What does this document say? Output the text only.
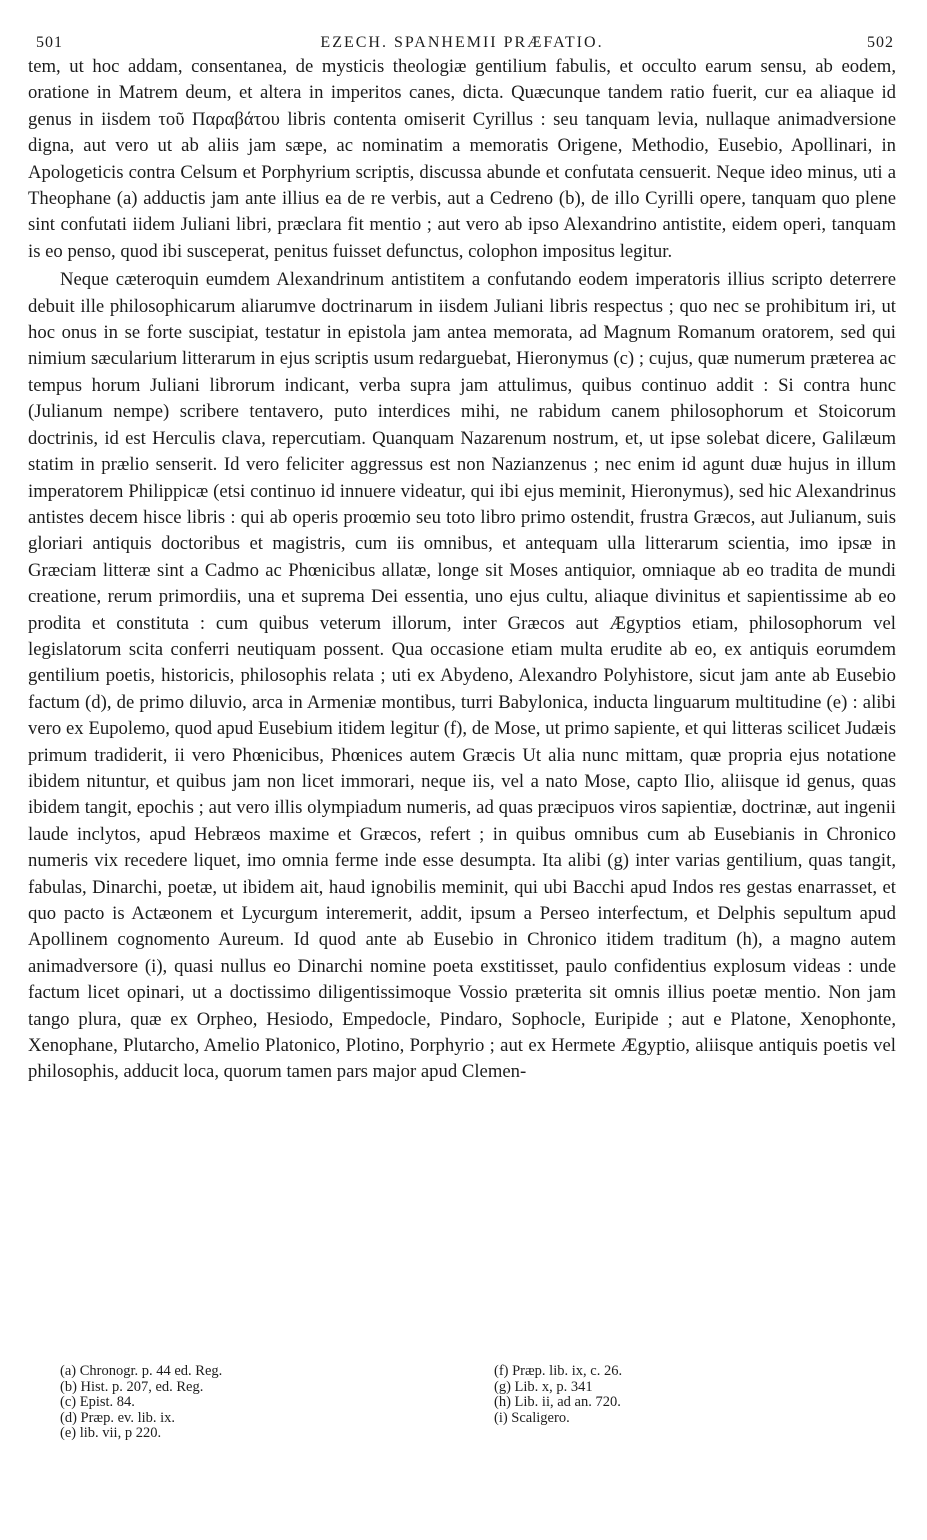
501	EZECH. SPANHEMII PRÆFATIO.	502

tem, ut hoc addam, consentanea, de mysticis theologiæ gentilium fabulis, et occulto earum sensu, ab eodem, oratione in Matrem deum, et altera in imperitos canes, dicta. Quæcunque tandem ratio fuerit, cur ea aliaque id genus in iisdem τοῦ Παραβάτου libris contenta omiserit Cyrillus : seu tanquam levia, nullaque animadversione digna, aut vero ut ab aliis jam sæpe, ac nominatim a memoratis Origene, Methodio, Eusebio, Apollinari, in Apologeticis contra Celsum et Porphyrium scriptis, discussa abunde et confutata censuerit. Neque ideo minus, uti a Theophane (a) adductis jam ante illius ea de re verbis, aut a Cedreno (b), de illo Cyrilli opere, tanquam quo plene sint confutati iidem Juliani libri, præclara fit mentio ; aut vero ab ipso Alexandrino antistite, eidem operi, tanquam is eo penso, quod ibi susceperat, penitus fuisset defunctus, colophon impositus legitur.

Neque cæteroquin eumdem Alexandrinum antistitem a confutando eodem imperatoris illius scripto deterrere debuit ille philosophicarum aliarumve doctrinarum in iisdem Juliani libris respectus ; quo nec se prohibitum iri, ut hoc onus in se forte suscipiat, testatur in epistola jam antea memorata, ad Magnum Romanum oratorem, sed qui nimium sæcularium litterarum in ejus scriptis usum redarguebat, Hieronymus (c) ; cujus, quæ numerum præterea ac tempus horum Juliani librorum indicant, verba supra jam attulimus, quibus continuo addit : Si contra hunc (Julianum nempe) scribere tentavero, puto interdices mihi, ne rabidum canem philosophorum et Stoicorum doctrinis, id est Herculis clava, repercutiam. Quanquam Nazarenum nostrum, et, ut ipse solebat dicere, Galilæum statim in prælio senserit. Id vero feliciter aggressus est non Nazianzenus ; nec enim id agunt duæ hujus in illum imperatorem Philippicæ (etsi continuo id innuere videatur, qui ibi ejus meminit, Hieronymus), sed hic Alexandrinus antistes decem hisce libris : qui ab operis proœmio seu toto libro primo ostendit, frustra Græcos, aut Julianum, suis gloriari antiquis doctoribus et magistris, cum iis omnibus, et antequam ulla litterarum scientia, imo ipsæ in Græciam litteræ sint a Cadmo ac Phœnicibus allatæ, longe sit Moses antiquior, omniaque ab eo tradita de mundi creatione, rerum primordiis, una et suprema Dei essentia, uno ejus cultu, aliaque divinitus et sapientissime ab eo prodita et constituta : cum quibus veterum illorum, inter Græcos aut Ægyptios etiam, philosophorum vel legislatorum scita conferri neutiquam possent. Qua occasione etiam multa erudite ab eo, ex antiquis eorumdem gentilium poetis, historicis, philosophis relata ; uti ex Abydeno, Alexandro Polyhistore, sicut jam ante ab Eusebio factum (d), de primo diluvio, arca in Armeniæ montibus, turri Babylonica, inducta linguarum multitudine (e) : alibi vero ex Eupolemo, quod apud Eusebium itidem legitur (f), de Mose, ut primo sapiente, et qui litteras scilicet Judæis primum tradiderit, ii vero Phœnicibus, Phœnices autem Græcis Ut alia nunc mittam, quæ propria ejus notatione ibidem nituntur, et quibus jam non licet immorari, neque iis, vel a nato Mose, capto Ilio, aliisque id genus, quas ibidem tangit, epochis ; aut vero illis olympiadum numeris, ad quas præcipuos viros sapientiæ, doctrinæ, aut ingenii laude inclytos, apud Hebræos maxime et Græcos, refert ; in quibus omnibus cum ab Eusebianis in Chronico numeris vix recedere liquet, imo omnia ferme inde esse desumpta. Ita alibi (g) inter varias gentilium, quas tangit, fabulas, Dinarchi, poetæ, ut ibidem ait, haud ignobilis meminit, qui ubi Bacchi apud Indos res gestas enarrasset, et quo pacto is Actæonem et Lycurgum interemerit, addit, ipsum a Perseo interfectum, et Delphis sepultum apud Apollinem cognomento Aureum. Id quod ante ab Eusebio in Chronico itidem traditum (h), a magno autem animadversore (i), quasi nullus eo Dinarchi nomine poeta exstitisset, paulo confidentius explosum videas : unde factum licet opinari, ut a doctissimo diligentissimoque Vossio præterita sit omnis illius poetæ mentio. Non jam tango plura, quæ ex Orpheo, Hesiodo, Empedocle, Pindaro, Sophocle, Euripide ; aut e Platone, Xenophonte, Xenophane, Plutarcho, Amelio Platonico, Plotino, Porphyrio ; aut ex Hermete Ægyptio, aliisque antiquis poetis vel philosophis, adducit loca, quorum tamen pars major apud Clemen-

(a) Chronogr. p. 44 ed. Reg.
(b) Hist. p. 207, ed. Reg.
(c) Epist. 84.
(d) Præp. ev. lib. ix.
(e) lib. vii, p 220.
(f) Præp. lib. ix, c. 26.
(g) Lib. x, p. 341
(h) Lib. ii, ad an. 720.
(i) Scaligero.
